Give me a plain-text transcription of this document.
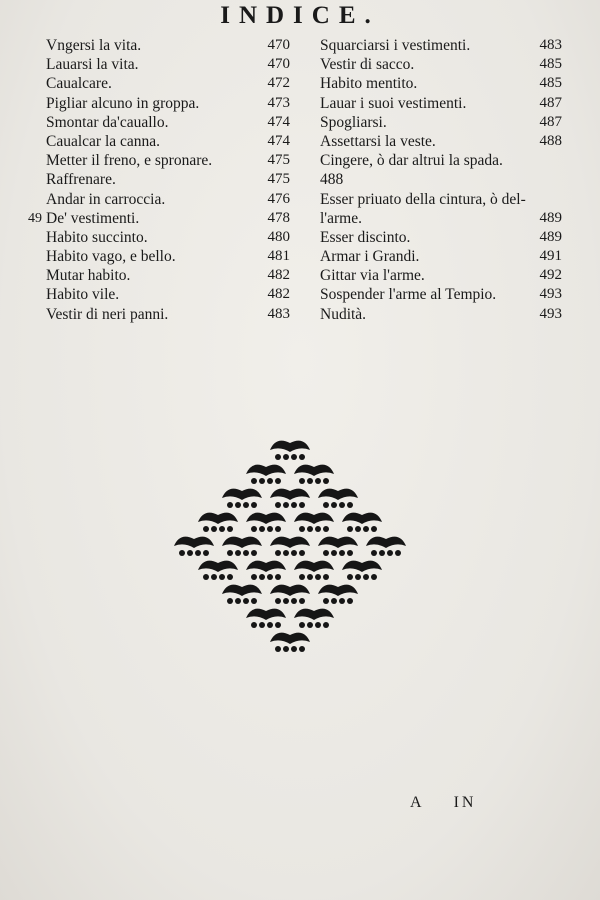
INDICE.
Vngersi la vita.	470
Lauarsi la vita.	470
Caualcare.	472
Pigliar alcuno in groppa.	473
Smontar da'cauallo.	474
Caualcar la canna.	474
Metter il freno, e spronare.	475
Raffrenare.	475
Andar in carroccia.	476
49 De' vestimenti.	478
Habito succinto.	480
Habito vago, e bello.	481
Mutar habito.	482
Habito vile.	482
Vestir di neri panni.	483
Squarciarsi i vestimenti.	483
Vestir di sacco.	485
Habito mentito.	485
Lauar i suoi vestimenti.	487
Spogliarsi.	487
Assettarsi la veste.	488
Cingere, ò dar altrui la spada.
488
Esser priuato della cintura, ò del-
l'arme.	489
Esser discinto.	489
Armar i Grandi.	491
Gittar via l'arme.	492
Sospender l'arme al Tempio.	493
Nudità.	493
A IN
